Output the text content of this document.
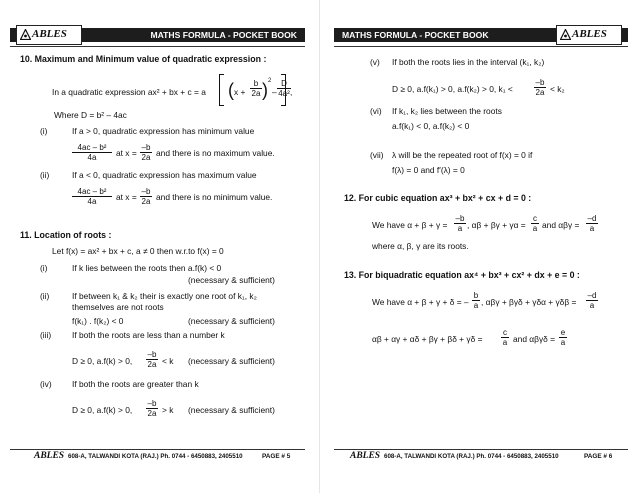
MATHS FORMULA - POCKET BOOK
ABLES
10. Maximum and Minimum value of quadratic expression :
In a quadratic expression ax² + bx + c = a ( $x + \frac{b}{2a}$ ) 2
– $\frac{D}{\text{4a²}}$ ,
Where D = b² – 4ac
(i)	If a > 0, quadratic expression has minimum value
$\frac{\text{4ac – b²}}{4a}$ at $x = \frac{-b}{2a}$ and there is no maximum value.
(ii)	If a < 0, quadratic expression has maximum value
$\frac{\text{4ac – b²}}{4a}$ at $x = \frac{-b}{2a}$ and there is no minimum value.
11. Location of roots :
Let f(x) = ax² + bx + c, a ≠ 0 then w.r.to f(x) = 0
(i)	If k lies between the roots then a.f(k) < 0
(necessary & sufficient)
(ii)	If between k₁ & k₂ their is exactly one root of k₁, k₂
themselves are not roots
f(k₁) . f(k₂) < 0	(necessary & sufficient)
(iii) If both the roots are less than a number k
D ≥ 0, a.f(k) > 0, $\frac{-b}{2a} < k$ (necessary & sufficient)
(iv) If both the roots are greater than k
D ≥ 0, a.f(k) > 0, $\frac{-b}{2a} > k$ (necessary & sufficient)
ABLES 608-A, TALWANDI KOTA (RAJ.) Ph. 0744 - 6450883, 2405510	PAGE # 5
MATHS FORMULA - POCKET BOOK	ABLES
(v) If both the roots lies in the interval (k₁, k₂)
D ≥ 0, a.f(k₁) > 0, a.f(k₂) > 0, k₁ <	$\frac{-b}{2a} < k_2$
(vi) If k₁, k₂ lies between the roots
a.f(k₁) < 0, a.f(k₂) < 0
(vii) λ will be the repeated root of f(x) = 0 if
f(λ) = 0 and f′(λ) = 0
12. For cubic equation ax³ + bx² + cx + d = 0 :
We have $\alpha + \beta + \gamma = \frac{-b}{a}$ , $\alpha\beta + \beta\gamma + \gamma\alpha = \frac{c}{a}$ and $\alpha\beta\gamma = \frac{-d}{a}$
where α, β, γ are its roots.
13. For biquadratic equation ax⁴ + bx³ + cx² + dx + e = 0 :
We have α + β + γ + δ = – $\frac{b}{a}$ , $\alpha\beta\gamma + \beta\gamma\delta + \gamma\delta\alpha + \gamma\delta\beta = \frac{-d}{a}$
$\alpha\beta + \alpha\gamma + \alpha\delta + \beta\gamma + \beta\delta + \gamma\delta = \frac{c}{a}$ and $\alpha\beta\gamma\delta = \frac{e}{a}$
ABLES 608-A, TALWANDI KOTA (RAJ.) Ph. 0744 - 6450883, 2405510	PAGE # 6
